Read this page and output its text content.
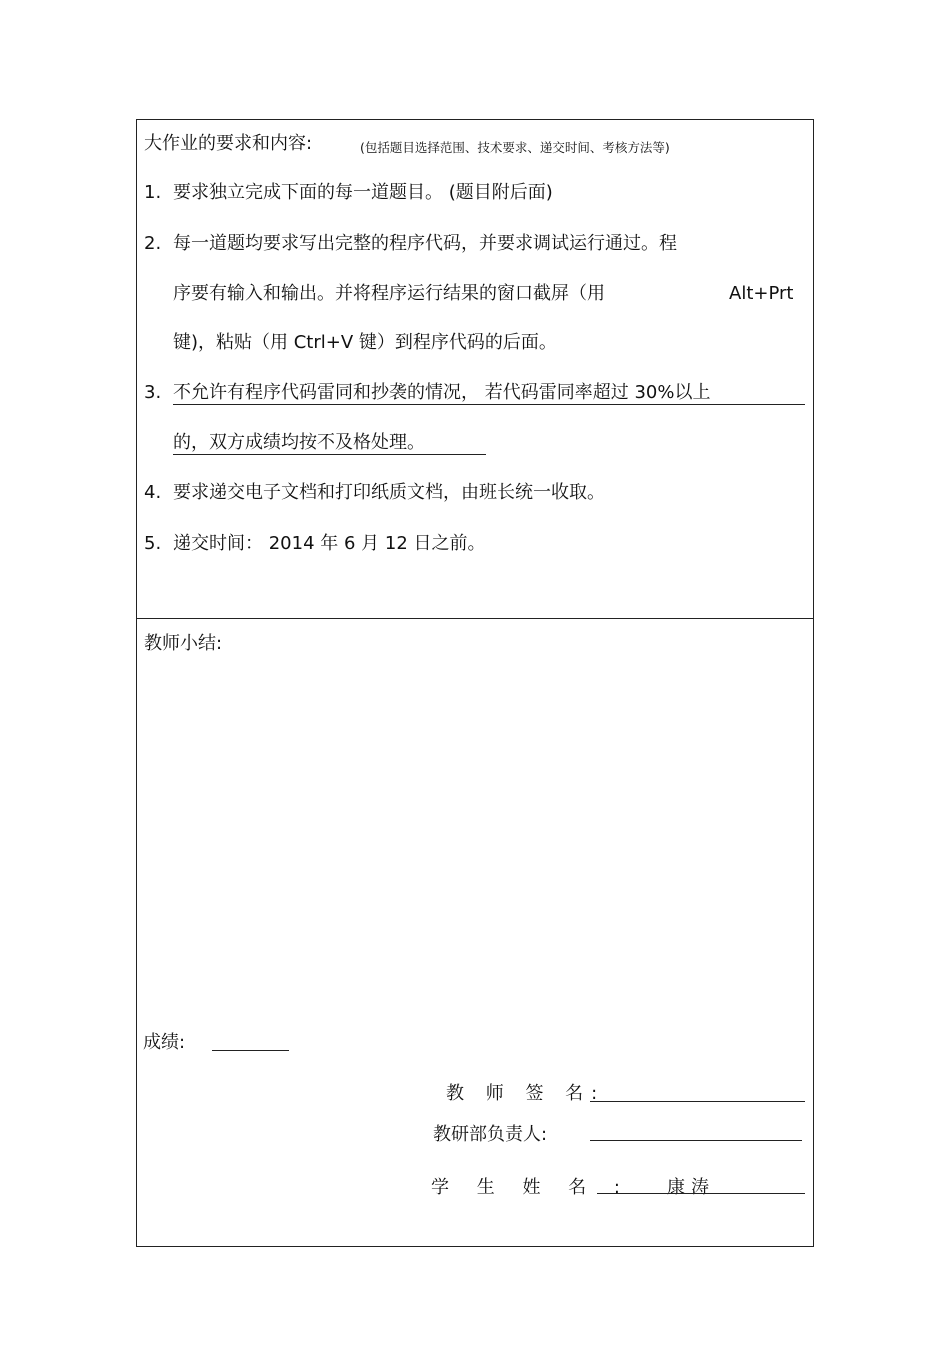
大作业的要求和内容:	(包括题目选择范围、技术要求、递交时间、考核方法等)
1. 要求独立完成下面的每一道题目。 (题目附后面)
2. 每一道题均要求写出完整的程序代码，并要求调试运行通过。程
序要有输入和输出。并将程序运行结果的窗口截屏（用	Alt+Prt
键)，粘贴（用 Ctrl+V 键）到程序代码的后面。
3. 不允许有程序代码雷同和抄袭的情况， 若代码雷同率超过 30%以上
的，双方成绩均按不及格处理。
4. 要求递交电子文档和打印纸质文档，由班长统一收取。
5. 递交时间： 2014 年 6 月 12 日之前。
教师小结:
成绩:
教 师 签 名:
教研部负责人:
学 生 姓 名 : 康涛
